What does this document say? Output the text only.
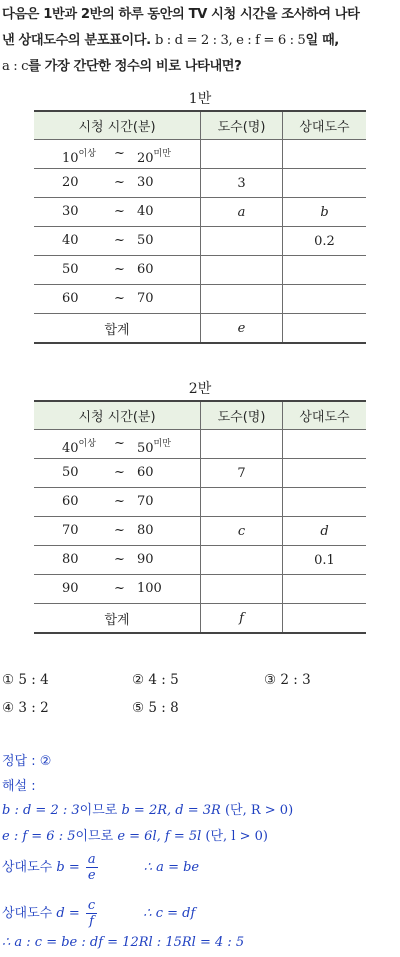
다음은 1반과 2반의 하루 동안의 TV 시청 시간을 조사하여 나타
낸 상대도수의 분포표이다. b : d = 2 : 3, e : f = 6 : 5일 때,
a : c를 가장 간단한 정수의 비로 나타내면?
1반
시청 시간(분)	도수(명)	상대도수

$10^{이상}$ ~ $20^{미만}$

20 ~ 30	3	

30 ~ 40	a	b

40 ~ 50		0.2

50 ~ 60		

60 ~ 70		

합계	e	
2반
시청 시간(분)	도수(명)	상대도수

$40^{이상}$ ~ $50^{미만}$

50 ~ 60	7	

60 ~ 70		

70 ~ 80	c	d

80 ~ 90		0.1

90 ~ 100		

합계	f	
① 5 : 4	② 4 : 5	③ 2 : 3
④ 3 : 2	⑤ 5 : 8
정답 : ②
해설 :
b : d = 2 : 3이므로 b = 2R, d = 3R (단, R > 0)
e : f = 6 : 5이므로 e = 6l, f = 5l (단, l > 0)
상대도수 $b = \frac{a}{e}$	∴ a = be
상대도수 $d = \frac{c}{f}$	∴ c = df
∴ a : c = be : df = 12Rl : 15Rl = 4 : 5
